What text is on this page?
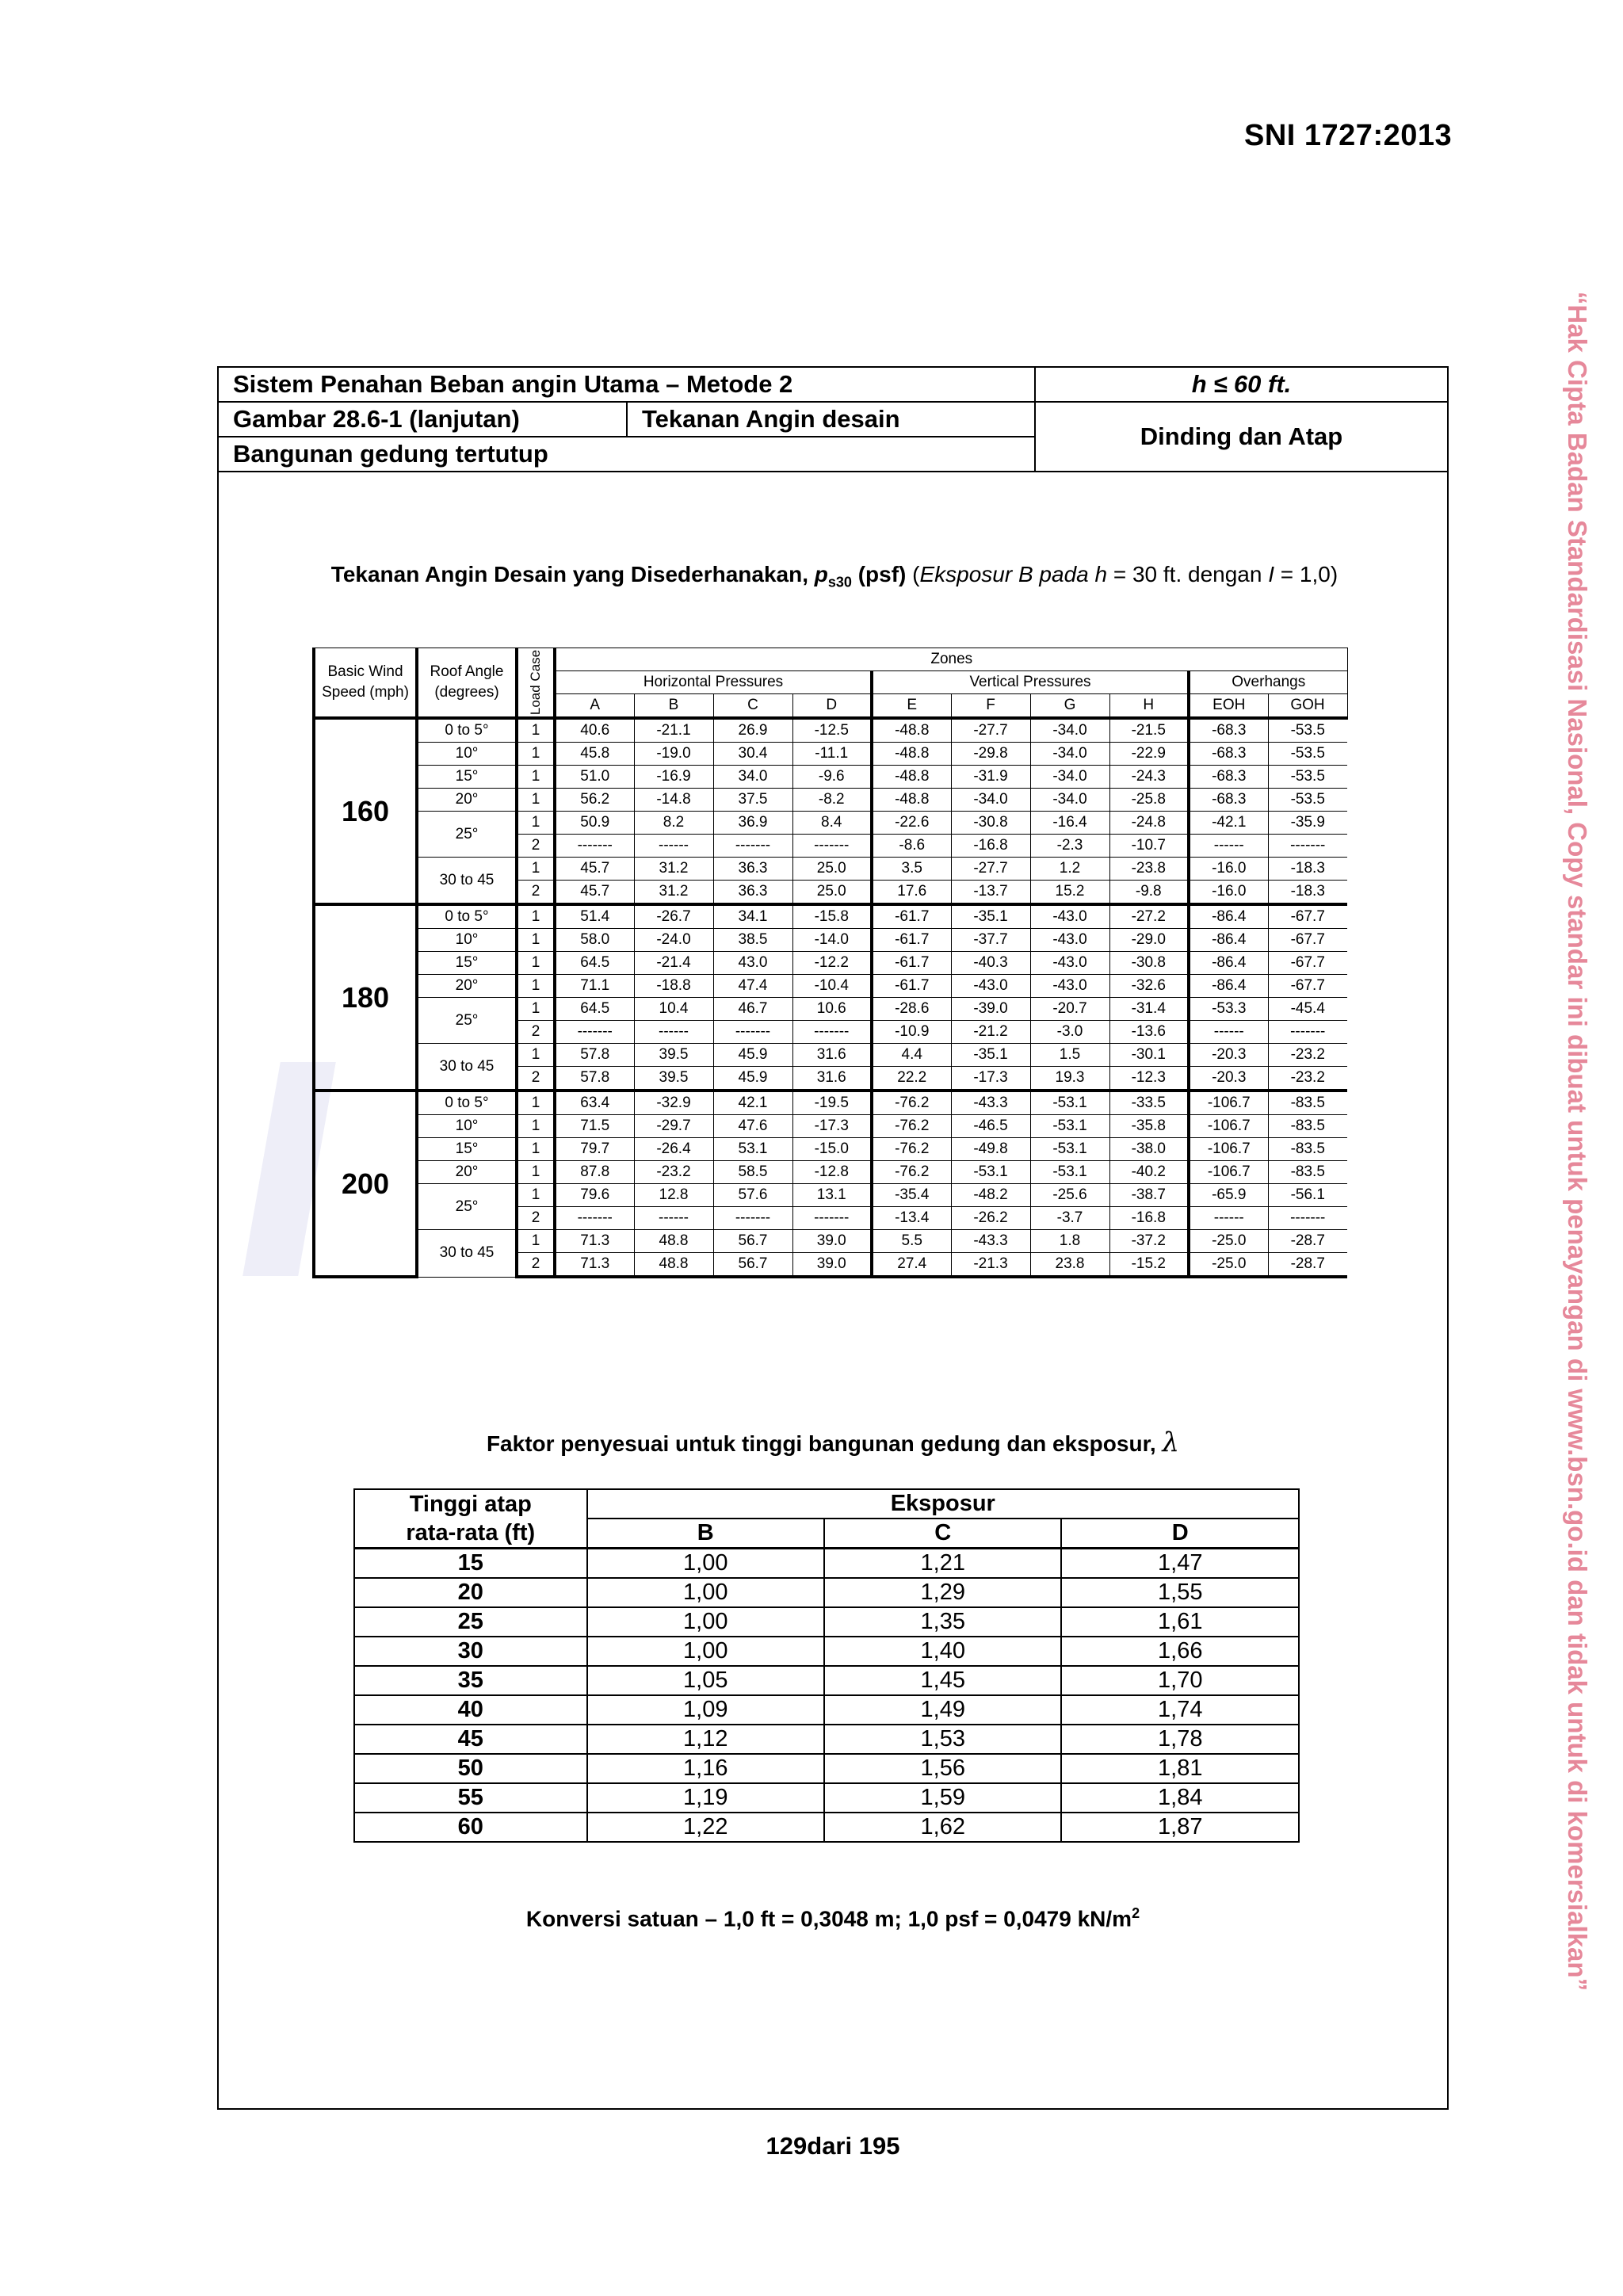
SNI 1727:2013
“Hak Cipta Badan Standardisasi Nasional, Copy standar ini dibuat untuk penayangan di www.bsn.go.id dan tidak untuk di komersialkan”
Sistem Penahan Beban angin Utama – Metode 2		h ≤ 60 ft.
Gambar 28.6-1 (lanjutan)	Tekanan Angin desain	Dinding dan Atap
Bangunan gedung tertutup		
Tekanan Angin Desain yang Disederhanakan, $p_{s30}$ (psf) (Eksposur B pada h = 30 ft. dengan I = 1,0)
Basic Wind Speed (mph)	Roof Angle (degrees)	Load Case	Zones									
			Horizontal Pressures				Vertical Pressures				Overhangs	
			A	B	C	D	E	F	G	H	EOH	GOH
160	0 to 5°	1	40.6	-21.1	26.9	-12.5	-48.8	-27.7	-34.0	-21.5	-68.3	-53.5
	10°	1	45.8	-19.0	30.4	-11.1	-48.8	-29.8	-34.0	-22.9	-68.3	-53.5
	15°	1	51.0	-16.9	34.0	-9.6	-48.8	-31.9	-34.0	-24.3	-68.3	-53.5
	20°	1	56.2	-14.8	37.5	-8.2	-48.8	-34.0	-34.0	-25.8	-68.3	-53.5
	25°	1	50.9	8.2	36.9	8.4	-22.6	-30.8	-16.4	-24.8	-42.1	-35.9
		2	-------	------	-------	-------	-8.6	-16.8	-2.3	-10.7	------	-------
	30 to 45	1	45.7	31.2	36.3	25.0	3.5	-27.7	1.2	-23.8	-16.0	-18.3
		2	45.7	31.2	36.3	25.0	17.6	-13.7	15.2	-9.8	-16.0	-18.3
180	0 to 5°	1	51.4	-26.7	34.1	-15.8	-61.7	-35.1	-43.0	-27.2	-86.4	-67.7
	10°	1	58.0	-24.0	38.5	-14.0	-61.7	-37.7	-43.0	-29.0	-86.4	-67.7
	15°	1	64.5	-21.4	43.0	-12.2	-61.7	-40.3	-43.0	-30.8	-86.4	-67.7
	20°	1	71.1	-18.8	47.4	-10.4	-61.7	-43.0	-43.0	-32.6	-86.4	-67.7
	25°	1	64.5	10.4	46.7	10.6	-28.6	-39.0	-20.7	-31.4	-53.3	-45.4
		2	-------	------	-------	-------	-10.9	-21.2	-3.0	-13.6	------	-------
	30 to 45	1	57.8	39.5	45.9	31.6	4.4	-35.1	1.5	-30.1	-20.3	-23.2
		2	57.8	39.5	45.9	31.6	22.2	-17.3	19.3	-12.3	-20.3	-23.2
200	0 to 5°	1	63.4	-32.9	42.1	-19.5	-76.2	-43.3	-53.1	-33.5	-106.7	-83.5
	10°	1	71.5	-29.7	47.6	-17.3	-76.2	-46.5	-53.1	-35.8	-106.7	-83.5
	15°	1	79.7	-26.4	53.1	-15.0	-76.2	-49.8	-53.1	-38.0	-106.7	-83.5
	20°	1	87.8	-23.2	58.5	-12.8	-76.2	-53.1	-53.1	-40.2	-106.7	-83.5
	25°	1	79.6	12.8	57.6	13.1	-35.4	-48.2	-25.6	-38.7	-65.9	-56.1
		2	-------	------	-------	-------	-13.4	-26.2	-3.7	-16.8	------	-------
	30 to 45	1	71.3	48.8	56.7	39.0	5.5	-43.3	1.8	-37.2	-25.0	-28.7
		2	71.3	48.8	56.7	39.0	27.4	-21.3	23.8	-15.2	-25.0	-28.7
Faktor penyesuai untuk tinggi bangunan gedung dan eksposur, λ
Tinggi atap	Eksposur		
rata-rata (ft)	B	C	D
15	1,00	1,21	1,47
20	1,00	1,29	1,55
25	1,00	1,35	1,61
30	1,00	1,40	1,66
35	1,05	1,45	1,70
40	1,09	1,49	1,74
45	1,12	1,53	1,78
50	1,16	1,56	1,81
55	1,19	1,59	1,84
60	1,22	1,62	1,87
Konversi satuan – 1,0 ft = 0,3048 m; 1,0 psf = 0,0479 $kN/m^2$
129dari 195
